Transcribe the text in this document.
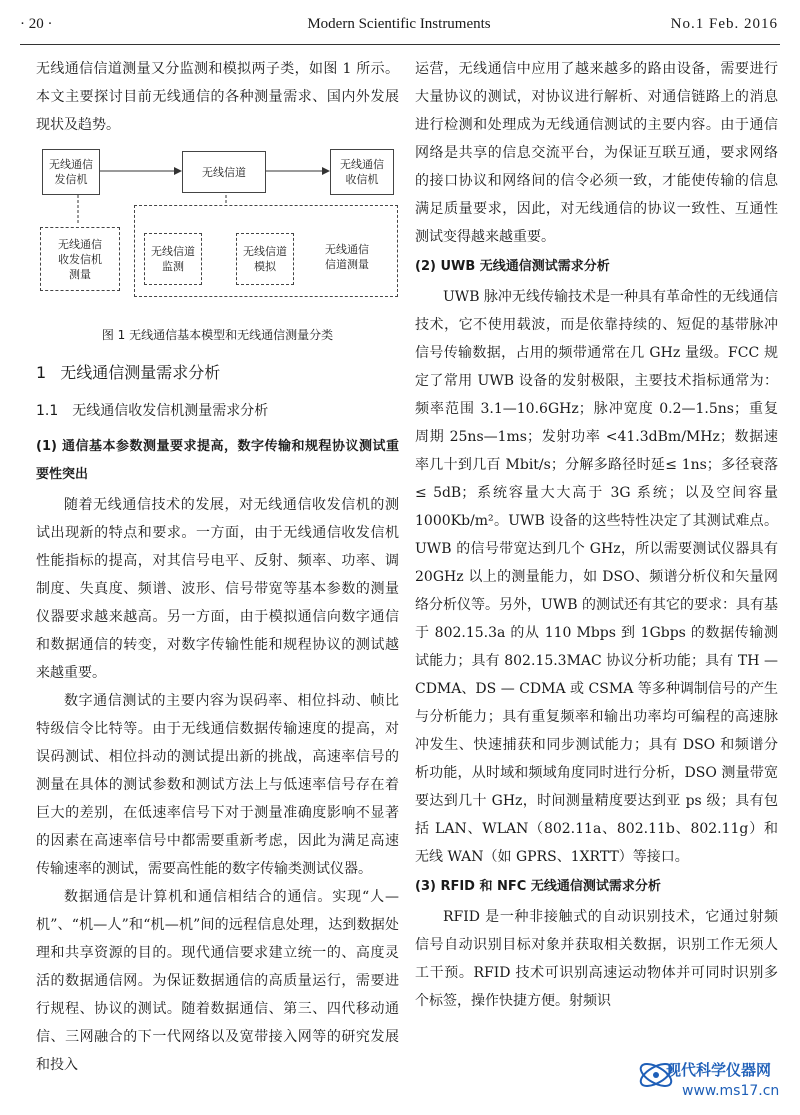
· 20 ·	Modern Scientific Instruments	No.1 Feb. 2016

无线通信信道测量又分监测和模拟两子类，如图 1 所示。本文主要探讨目前无线通信的各种测量需求、国内外发展现状及趋势。

无线通信
发信机
无线信道
无线通信
收信机
无线通信
收发信机
测量
无线信道
监测
无线信道
模拟
无线通信
信道测量
图 1 无线通信基本模型和无线通信测量分类
1 无线通信测量需求分析
1.1 无线通信收发信机测量需求分析

(1) 通信基本参数测量要求提高，数字传输和规程协议测试重要性突出

随着无线通信技术的发展，对无线通信收发信机的测试出现新的特点和要求。一方面，由于无线通信收发信机性能指标的提高，对其信号电平、反射、频率、功率、调制度、失真度、频谱、波形、信号带宽等基本参数的测量仪器要求越来越高。另一方面，由于模拟通信向数字通信和数据通信的转变，对数字传输性能和规程协议的测试越来越重要。

数字通信测试的主要内容为误码率、相位抖动、帧比特级信令比特等。由于无线通信数据传输速度的提高，对误码测试、相位抖动的测试提出新的挑战，高速率信号的测量在具体的测试参数和测试方法上与低速率信号存在着巨大的差别，在低速率信号下对于测量准确度影响不显著的因素在高速率信号中都需要重新考虑，因此为满足高速传输速率的测试，需要高性能的数字传输类测试仪器。

数据通信是计算机和通信相结合的通信。实现“人—机”、“机—人”和“机—机”间的远程信息处理，达到数据处理和共享资源的目的。现代通信要求建立统一的、高度灵活的数据通信网。为保证数据通信的高质量运行，需要进行规程、协议的测试。随着数据通信、第三、四代移动通信、三网融合的下一代网络以及宽带接入网等的研究发展和投入

运营，无线通信中应用了越来越多的路由设备，需要进行大量协议的测试，对协议进行解析、对通信链路上的消息进行检测和处理成为无线通信测试的主要内容。由于通信网络是共享的信息交流平台，为保证互联互通，要求网络的接口协议和网络间的信令必须一致，才能使传输的信息满足质量要求，因此，对无线通信的协议一致性、互通性测试变得越来越重要。

(2) UWB 无线通信测试需求分析

UWB 脉冲无线传输技术是一种具有革命性的无线通信技术，它不使用载波，而是依靠持续的、短促的基带脉冲信号传输数据，占用的频带通常在几 GHz 量级。FCC 规定了常用 UWB 设备的发射极限，主要技术指标通常为：频率范围 3.1—10.6GHz；脉冲宽度 0.2—1.5ns；重复周期 25ns—1ms；发射功率 <41.3dBm/MHz；数据速率几十到几百 Mbit/s；分解多路径时延≤ 1ns；多径衰落≤ 5dB；系统容量大大高于 3G 系统；以及空间容量 1000Kb/m²。UWB 设备的这些特性决定了其测试难点。UWB 的信号带宽达到几个 GHz，所以需要测试仪器具有 20GHz 以上的测量能力，如 DSO、频谱分析仪和矢量网络分析仪等。另外，UWB 的测试还有其它的要求：具有基于 802.15.3a 的从 110 Mbps 到 1Gbps 的数据传输测试能力；具有 802.15.3MAC 协议分析功能；具有 TH — CDMA、DS — CDMA 或 CSMA 等多种调制信号的产生与分析能力；具有重复频率和输出功率均可编程的高速脉冲发生、快速捕获和同步测试能力；具有 DSO 和频谱分析功能，从时域和频域角度同时进行分析，DSO 测量带宽要达到几十 GHz，时间测量精度要达到亚 ps 级；具有包括 LAN、WLAN（802.11a、802.11b、802.11g）和无线 WAN（如 GPRS、1XRTT）等接口。

(3) RFID 和 NFC 无线通信测试需求分析

RFID 是一种非接触式的自动识别技术，它通过射频信号自动识别目标对象并获取相关数据，识别工作无须人工干预。RFID 技术可识别高速运动物体并可同时识别多个标签，操作快捷方便。射频识

现代科学仪器网
www.ms17.cn
